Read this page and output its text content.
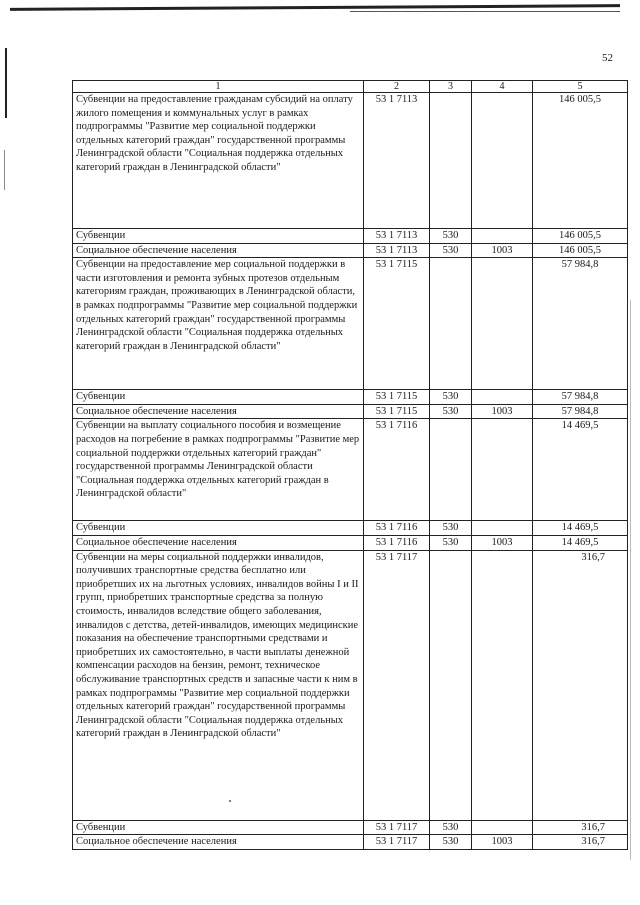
52
1	2	3	4	5
Субвенции на предоставление гражданам субсидий на оплату жилого помещения и коммунальных услуг в рамках подпрограммы "Развитие мер социальной поддержки отдельных категорий граждан" государственной программы Ленинградской области "Социальная поддержка отдельных категорий граждан в Ленинградской области"	53 1 7113			146 005,5
Субвенции	53 1 7113	530		146 005,5
Социальное обеспечение населения	53 1 7113	530	1003	146 005,5
Субвенции на предоставление мер социальной поддержки в части изготовления и ремонта зубных протезов отдельным категориям граждан, проживающих в Ленинградской области, в рамках подпрограммы "Развитие мер социальной поддержки отдельных категорий граждан" государственной программы Ленинградской области "Социальная поддержка отдельных категорий граждан в Ленинградской области"	53 1 7115			57 984,8
Субвенции	53 1 7115	530		57 984,8
Социальное обеспечение населения	53 1 7115	530	1003	57 984,8
Субвенции на выплату социального пособия и возмещение расходов на погребение в рамках подпрограммы "Развитие мер социальной поддержки отдельных категорий граждан" государственной программы Ленинградской области "Социальная поддержка отдельных категорий граждан в Ленинградской области"	53 1 7116			14 469,5
Субвенции	53 1 7116	530		14 469,5
Социальное обеспечение населения	53 1 7116	530	1003	14 469,5
Субвенции на меры социальной поддержки инвалидов, получивших транспортные средства бесплатно или приобретших их на льготных условиях, инвалидов войны I и II групп, приобретших транспортные средства за полную стоимость, инвалидов вследствие общего заболевания, инвалидов с детства, детей-инвалидов, имеющих медицинские показания на обеспечение транспортными средствами и приобретших их самостоятельно, в части выплаты денежной компенсации расходов на бензин, ремонт, техническое обслуживание транспортных средств и запасные части к ним в рамках подпрограммы "Развитие мер социальной поддержки отдельных категорий граждан" государственной программы Ленинградской области "Социальная поддержка отдельных категорий граждан в Ленинградской области"	53 1 7117			316,7
Субвенции	53 1 7117	530		316,7
Социальное обеспечение населения	53 1 7117	530	1003	316,7
